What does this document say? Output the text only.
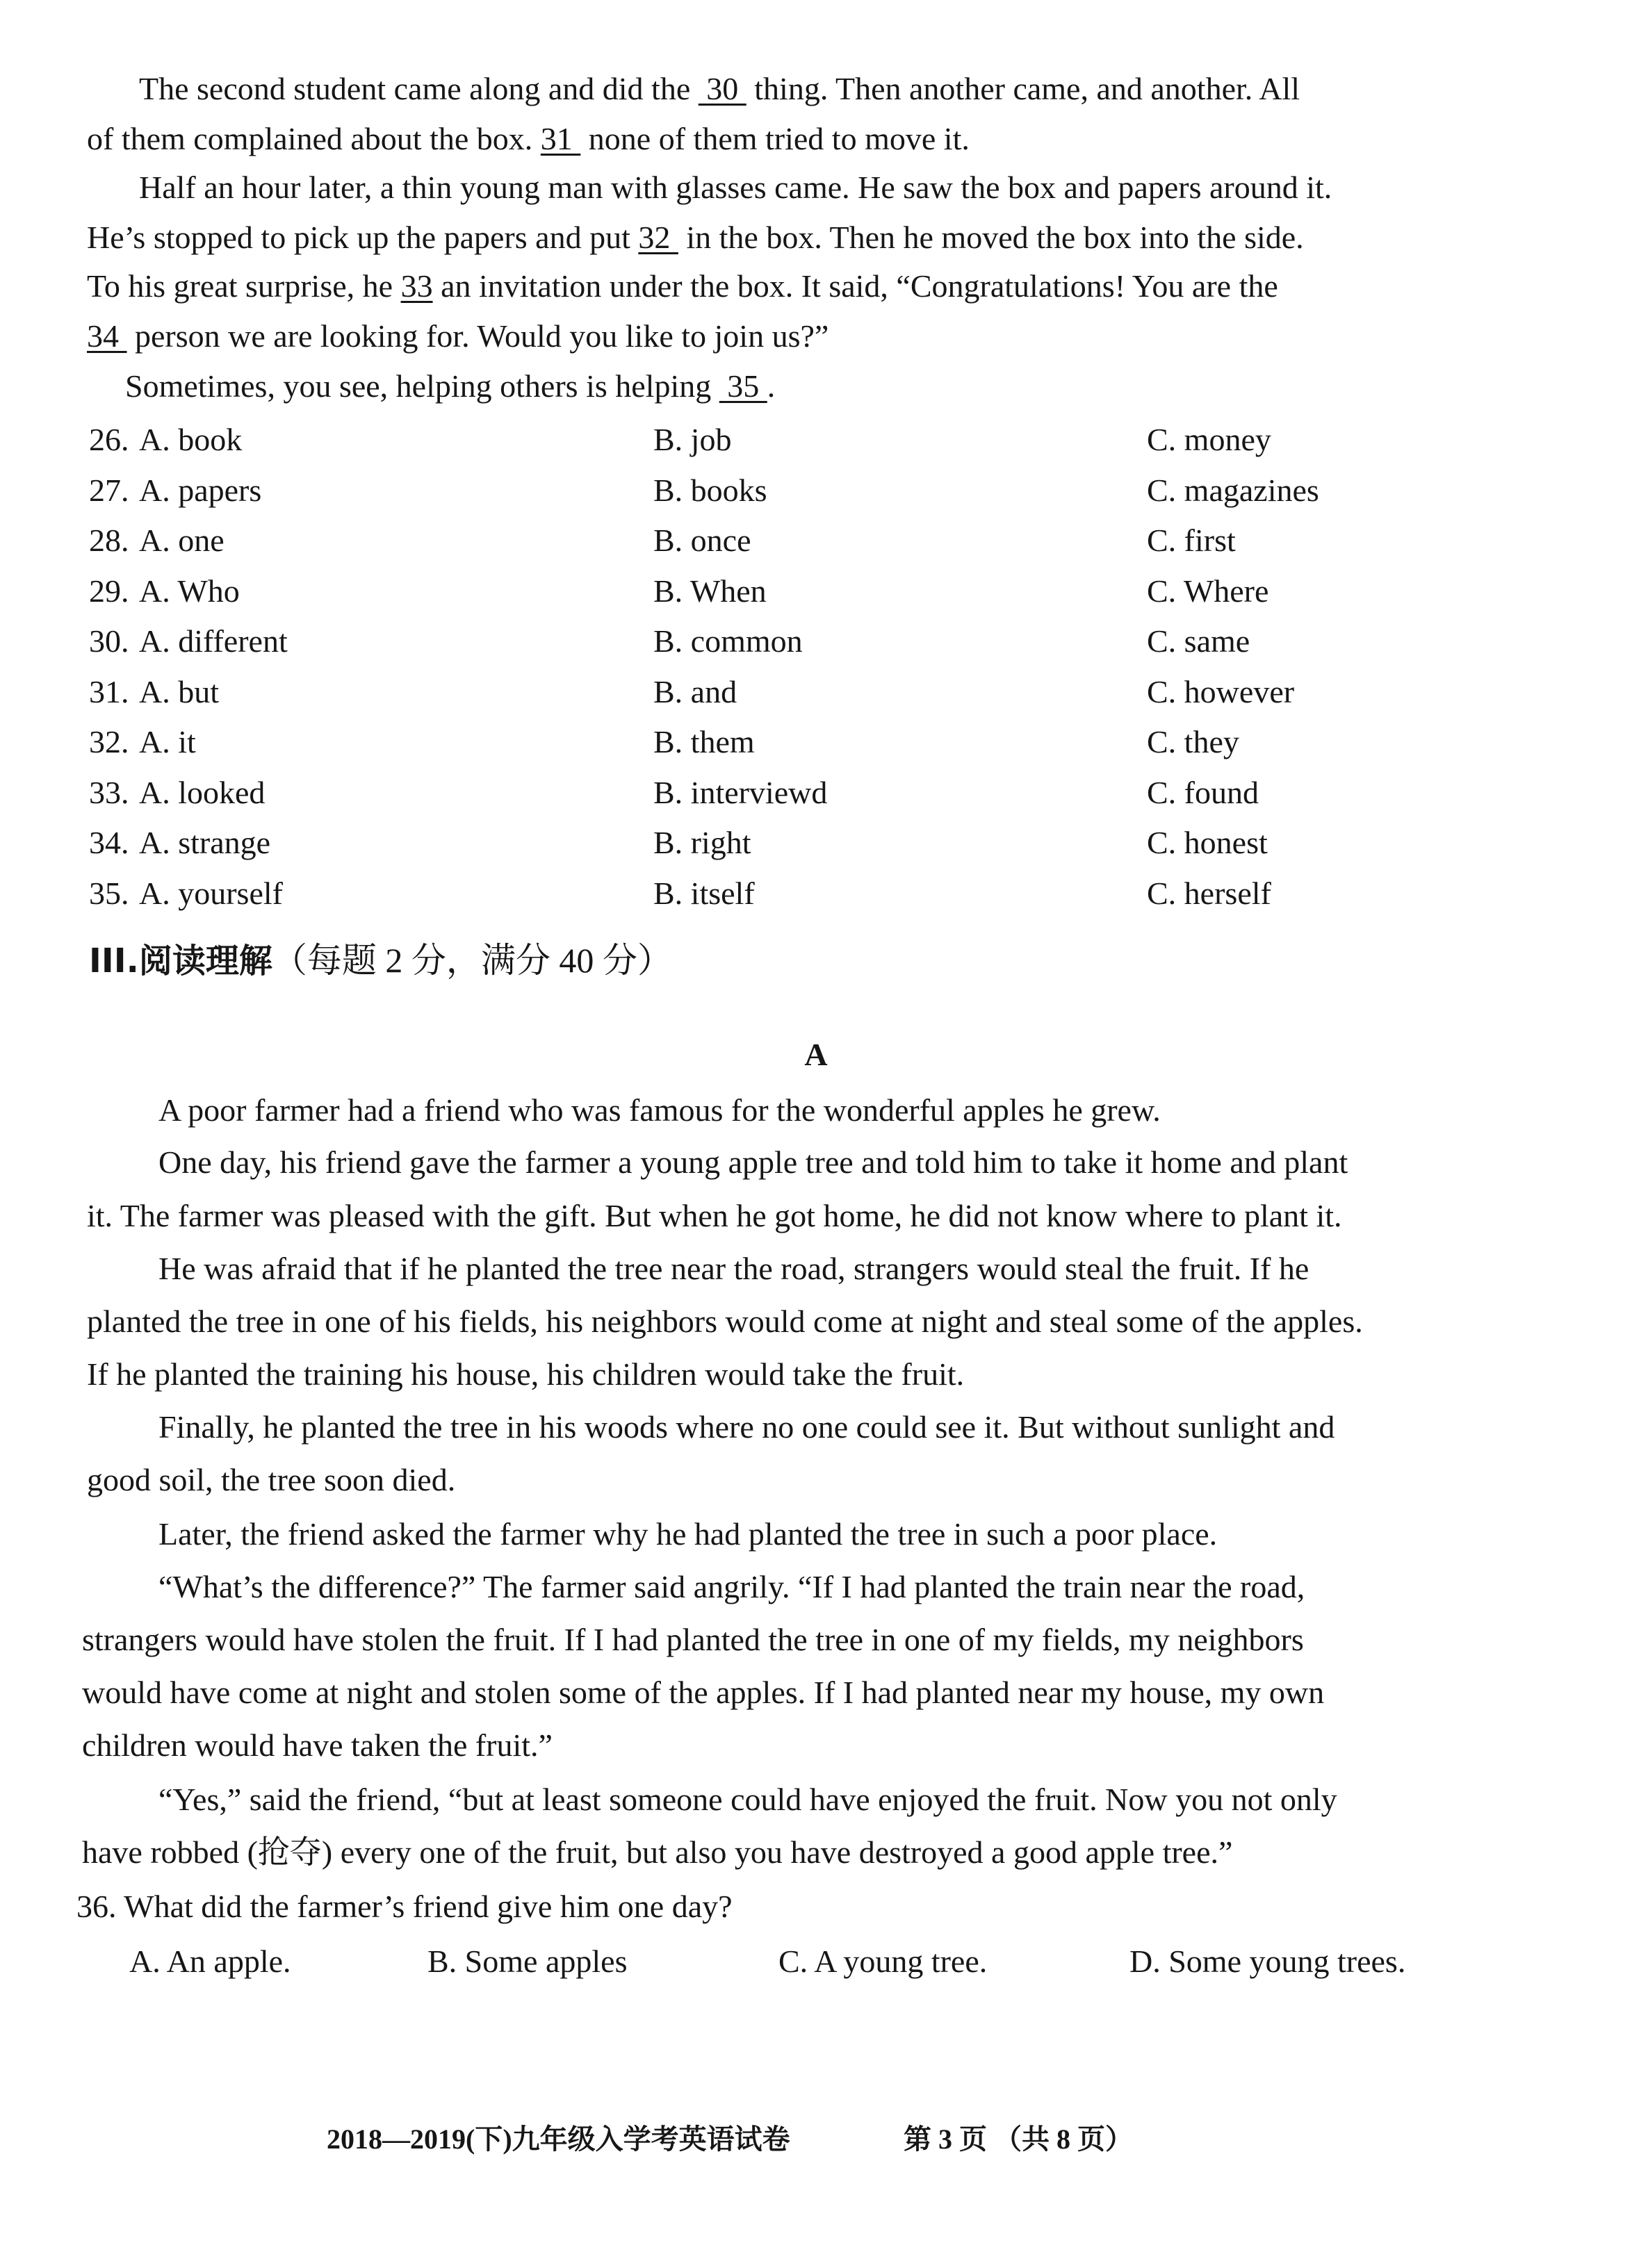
The second student came along and did the  30  thing. Then another came, and another. All
of them complained about the box. 31  none of them tried to move it.
Half an hour later, a thin young man with glasses came. He saw the box and papers around it.
He’s stopped to pick up the papers and put 32  in the box. Then he moved the box into the side.
To his great surprise, he 33 an invitation under the box. It said, “Congratulations! You are the
34  person we are looking for. Would you like to join us?”
Sometimes, you see, helping others is helping  35 .
26. A. book	B. job	C. money
27. A. papers	B. books	C. magazines
28. A. one	B. once	C. first
29. A. Who	B. When	C. Where
30. A. different	B. common	C. same
31. A. but	B. and	C. however
32. A. it	B. them	C. they
33. A. looked	B. interviewd	C. found
34. A. strange	B. right	C. honest
35. A. yourself	B. itself	C. herself
III.阅读理解（每题 2 分，满分 40 分）
A
A poor farmer had a friend who was famous for the wonderful apples he grew.
One day, his friend gave the farmer a young apple tree and told him to take it home and plant
it. The farmer was pleased with the gift. But when he got home, he did not know where to plant it.
He was afraid that if he planted the tree near the road, strangers would steal the fruit. If he
planted the tree in one of his fields, his neighbors would come at night and steal some of the apples.
If he planted the training his house, his children would take the fruit.
Finally, he planted the tree in his woods where no one could see it. But without sunlight and
good soil, the tree soon died.
Later, the friend asked the farmer why he had planted the tree in such a poor place.
“What’s the difference?” The farmer said angrily. “If I had planted the train near the road,
strangers would have stolen the fruit. If I had planted the tree in one of my fields, my neighbors
would have come at night and stolen some of the apples. If I had planted near my house, my own
children would have taken the fruit.”
“Yes,” said the friend, “but at least someone could have enjoyed the fruit. Now you not only
have robbed (抢夺) every one of the fruit, but also you have destroyed a good apple tree.”
36. What did the farmer’s friend give him one day?
A. An apple.	B. Some apples	C. A young tree.	D. Some young trees.
2018—2019(下)九年级入学考英语试卷	第 3 页 （共 8 页）
